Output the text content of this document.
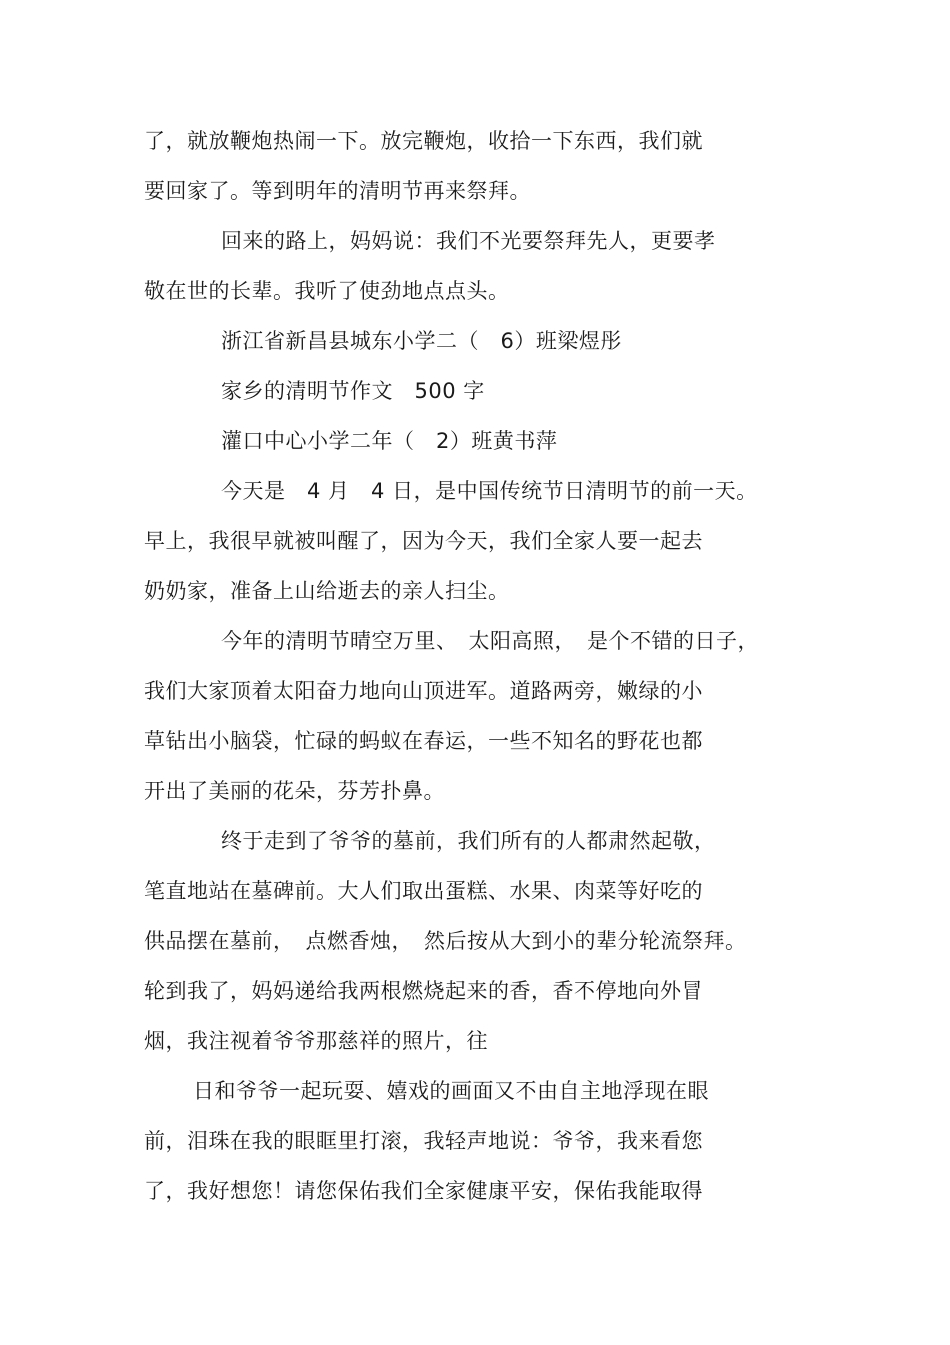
了，就放鞭炮热闹一下。放完鞭炮，收拾一下东西，我们就
要回家了。等到明年的清明节再来祭拜。
回来的路上，妈妈说：我们不光要祭拜先人，更要孝
敬在世的长辈。我听了使劲地点点头。
浙江省新昌县城东小学二（　6）班梁煜彤
家乡的清明节作文　500 字
灌口中心小学二年（　2）班黄书萍
今天是　4 月　4 日，是中国传统节日清明节的前一天。
早上，我很早就被叫醒了，因为今天，我们全家人要一起去
奶奶家，准备上山给逝去的亲人扫尘。
今年的清明节晴空万里、　太阳高照，　是个不错的日子，
我们大家顶着太阳奋力地向山顶进军。道路两旁，嫩绿的小
草钻出小脑袋，忙碌的蚂蚁在春运，一些不知名的野花也都
开出了美丽的花朵，芬芳扑鼻。
终于走到了爷爷的墓前，我们所有的人都肃然起敬，
笔直地站在墓碑前。大人们取出蛋糕、水果、肉菜等好吃的
供品摆在墓前，　点燃香烛，　然后按从大到小的辈分轮流祭拜。
轮到我了，妈妈递给我两根燃烧起来的香，香不停地向外冒
烟，我注视着爷爷那慈祥的照片，往
日和爷爷一起玩耍、嬉戏的画面又不由自主地浮现在眼
前，泪珠在我的眼眶里打滚，我轻声地说：爷爷，我来看您
了，我好想您！请您保佑我们全家健康平安，保佑我能取得
